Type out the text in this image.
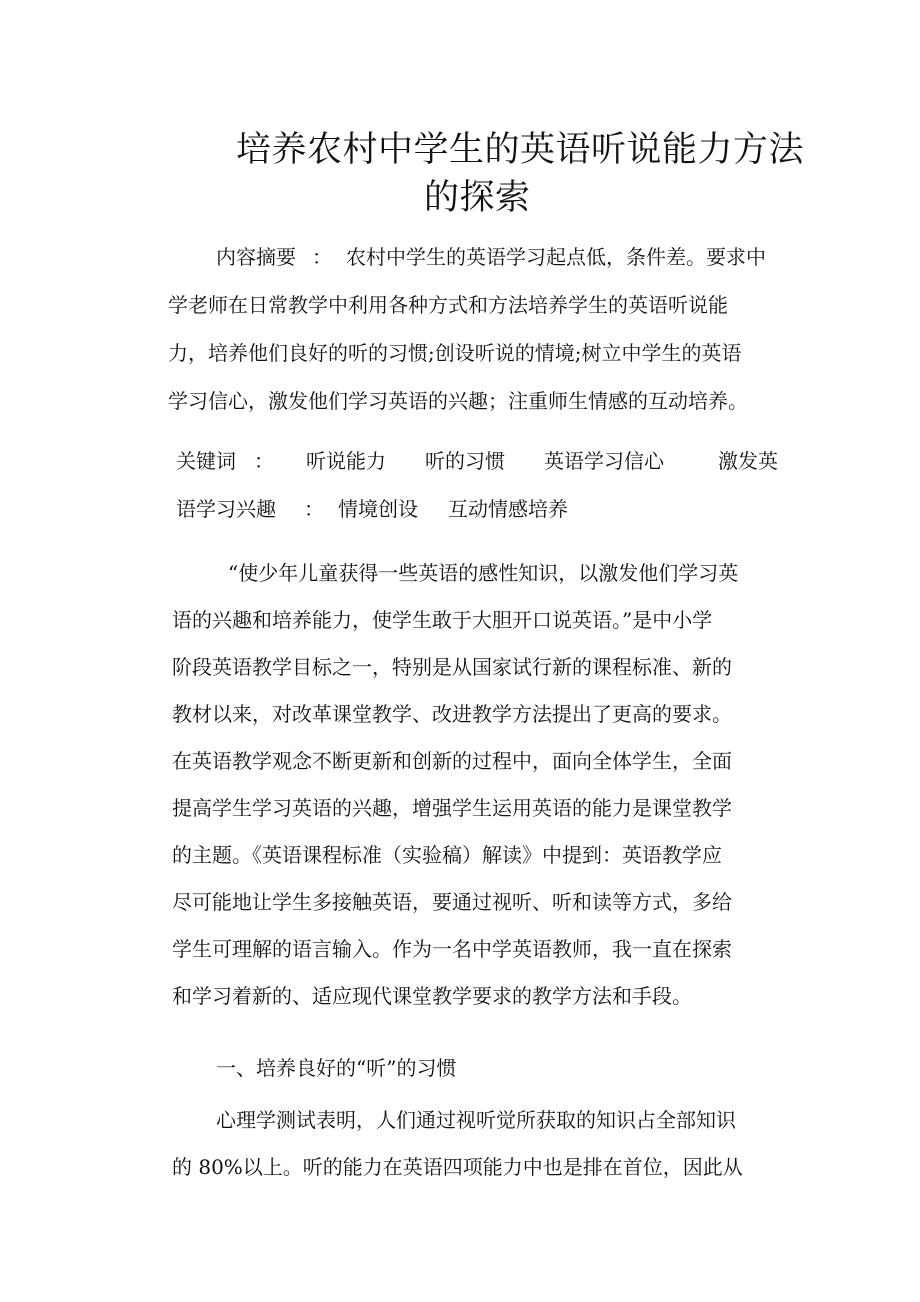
培养农村中学生的英语听说能力方法
的探索
内容摘要 ： 农村中学生的英语学习起点低，条件差。要求中

学老师在日常教学中利用各种方式和方法培养学生的英语听说能

力，培养他们良好的听的习惯;创设听说的情境;树立中学生的英语

学习信心，激发他们学习英语的兴趣；注重师生情感的互动培养。

关键词 ： 听说能力 听的习惯 英语学习信心	激发英
语学习兴趣 ： 情境创设 互动情感培养

“使少年儿童获得一些英语的感性知识，以激发他们学习英

语的兴趣和培养能力，使学生敢于大胆开口说英语。”是中小学

阶段英语教学目标之一，特别是从国家试行新的课程标准、新的

教材以来，对改革课堂教学、改进教学方法提出了更高的要求。

在英语教学观念不断更新和创新的过程中，面向全体学生，全面

提高学生学习英语的兴趣，增强学生运用英语的能力是课堂教学

的主题。《英语课程标准（实验稿）解读》中提到：英语教学应

尽可能地让学生多接触英语，要通过视听、听和读等方式，多给

学生可理解的语言输入。作为一名中学英语教师，我一直在探索

和学习着新的、适应现代课堂教学要求的教学方法和手段。

一、培养良好的“听”的习惯

心理学测试表明，人们通过视听觉所获取的知识占全部知识

的 80%以上。听的能力在英语四项能力中也是排在首位，因此从
